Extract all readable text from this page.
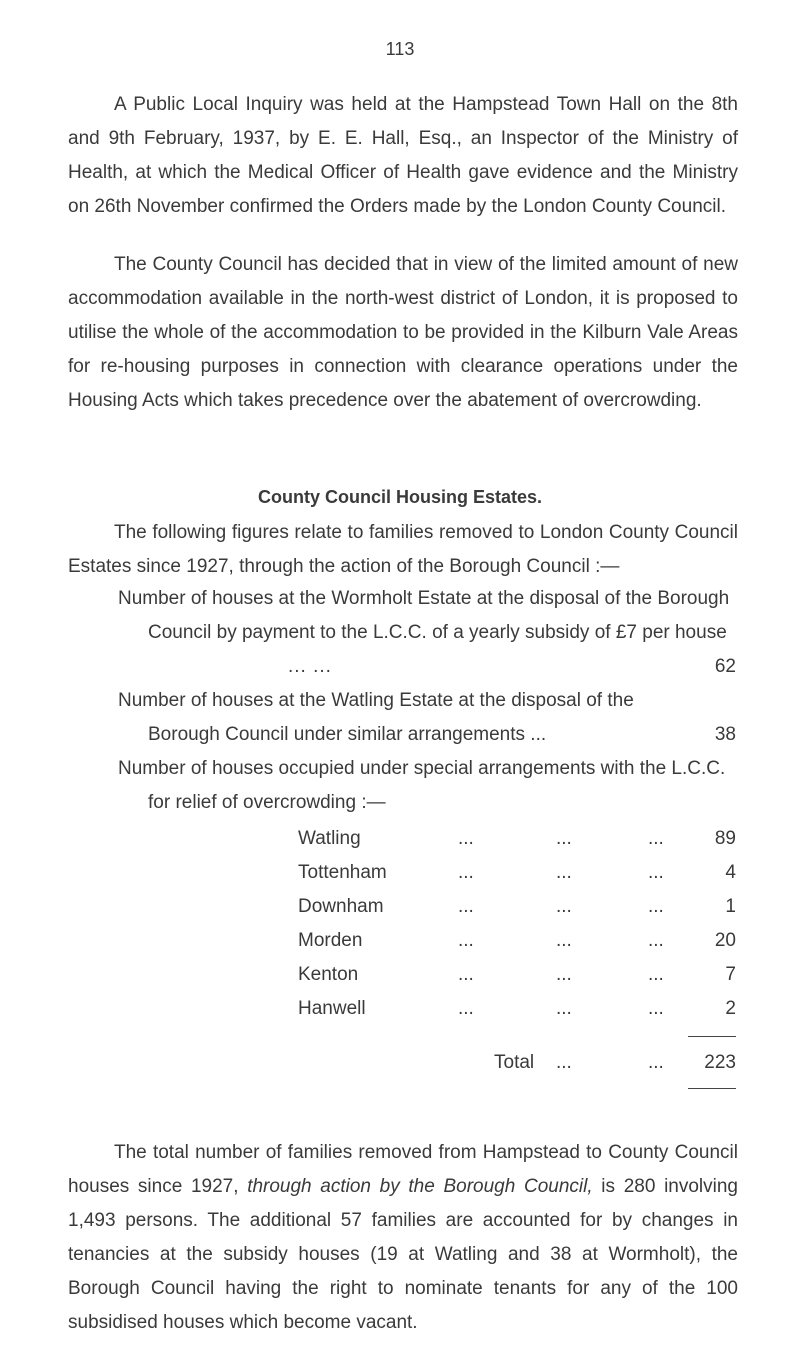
113

A Public Local Inquiry was held at the Hampstead Town Hall on the 8th and 9th February, 1937, by E. E. Hall, Esq., an Inspector of the Ministry of Health, at which the Medical Officer of Health gave evidence and the Ministry on 26th November confirmed the Orders made by the London County Council.

The County Council has decided that in view of the limited amount of new accommodation available in the north-west district of London, it is proposed to utilise the whole of the accommodation to be provided in the Kilburn Vale Areas for re-housing purposes in connection with clearance operations under the Housing Acts which takes precedence over the abatement of overcrowding.

County Council Housing Estates.

The following figures relate to families removed to London County Council Estates since 1927, through the action of the Borough Council :—

Number of houses at the Wormholt Estate at the disposal of the Borough Council by payment to the L.C.C. of a yearly subsidy of £7 per house ... ...	62
Number of houses at the Watling Estate at the disposal of the Borough Council under similar arrangements ...	38
Number of houses occupied under special arrangements with the L.C.C. for relief of overcrowding :—
Watling	...	...	...	89
Tottenham	...	...	...	4
Downham	...	...	...	1
Morden	...	...	...	20
Kenton	...	...	...	7
Hanwell	...	...	...	2
Total ...	... 223

The total number of families removed from Hampstead to County Council houses since 1927, through action by the Borough Council, is 280 involving 1,493 persons. The additional 57 families are accounted for by changes in tenancies at the subsidy houses (19 at Watling and 38 at Wormholt), the Borough Council having the right to nominate tenants for any of the 100 subsidised houses which become vacant.
